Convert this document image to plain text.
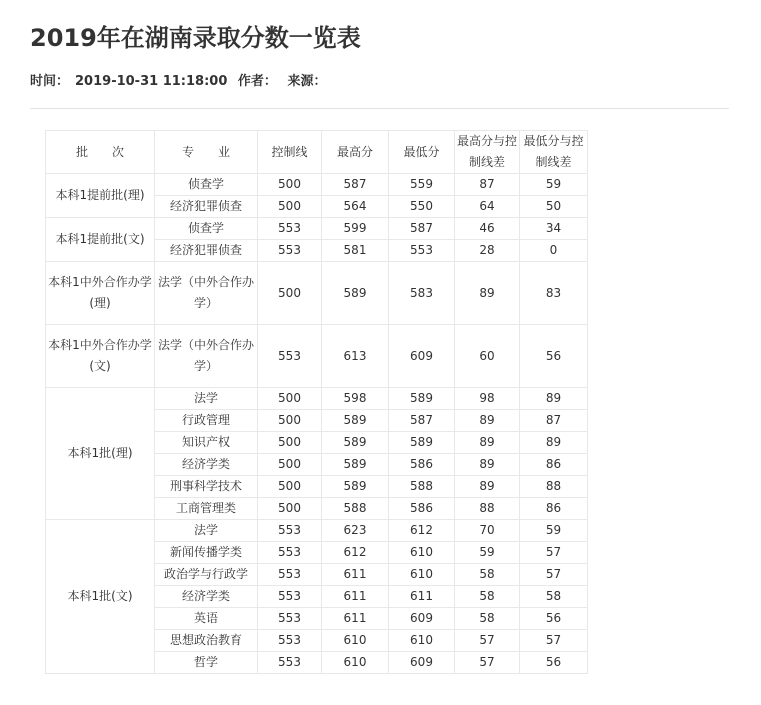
2019年在湖南录取分数一览表
时间： 2019-10-31 11:18:00 作者： 来源：
批　　次	专　　业	控制线	最高分	最低分	最高分与控制线差	最低分与控制线差
本科1提前批(理)	侦查学	500	587	559	87	59
	经济犯罪侦查	500	564	550	64	50
本科1提前批(文)	侦查学	553	599	587	46	34
	经济犯罪侦查	553	581	553	28	0
本科1中外合作办学(理)	法学（中外合作办学）	500	589	583	89	83
本科1中外合作办学(文)	法学（中外合作办学）	553	613	609	60	56
本科1批(理)	法学	500	598	589	98	89
	行政管理	500	589	587	89	87
	知识产权	500	589	589	89	89
	经济学类	500	589	586	89	86
	刑事科学技术	500	589	588	89	88
	工商管理类	500	588	586	88	86
本科1批(文)	法学	553	623	612	70	59
	新闻传播学类	553	612	610	59	57
	政治学与行政学	553	611	610	58	57
	经济学类	553	611	611	58	58
	英语	553	611	609	58	56
	思想政治教育	553	610	610	57	57
	哲学	553	610	609	57	56
